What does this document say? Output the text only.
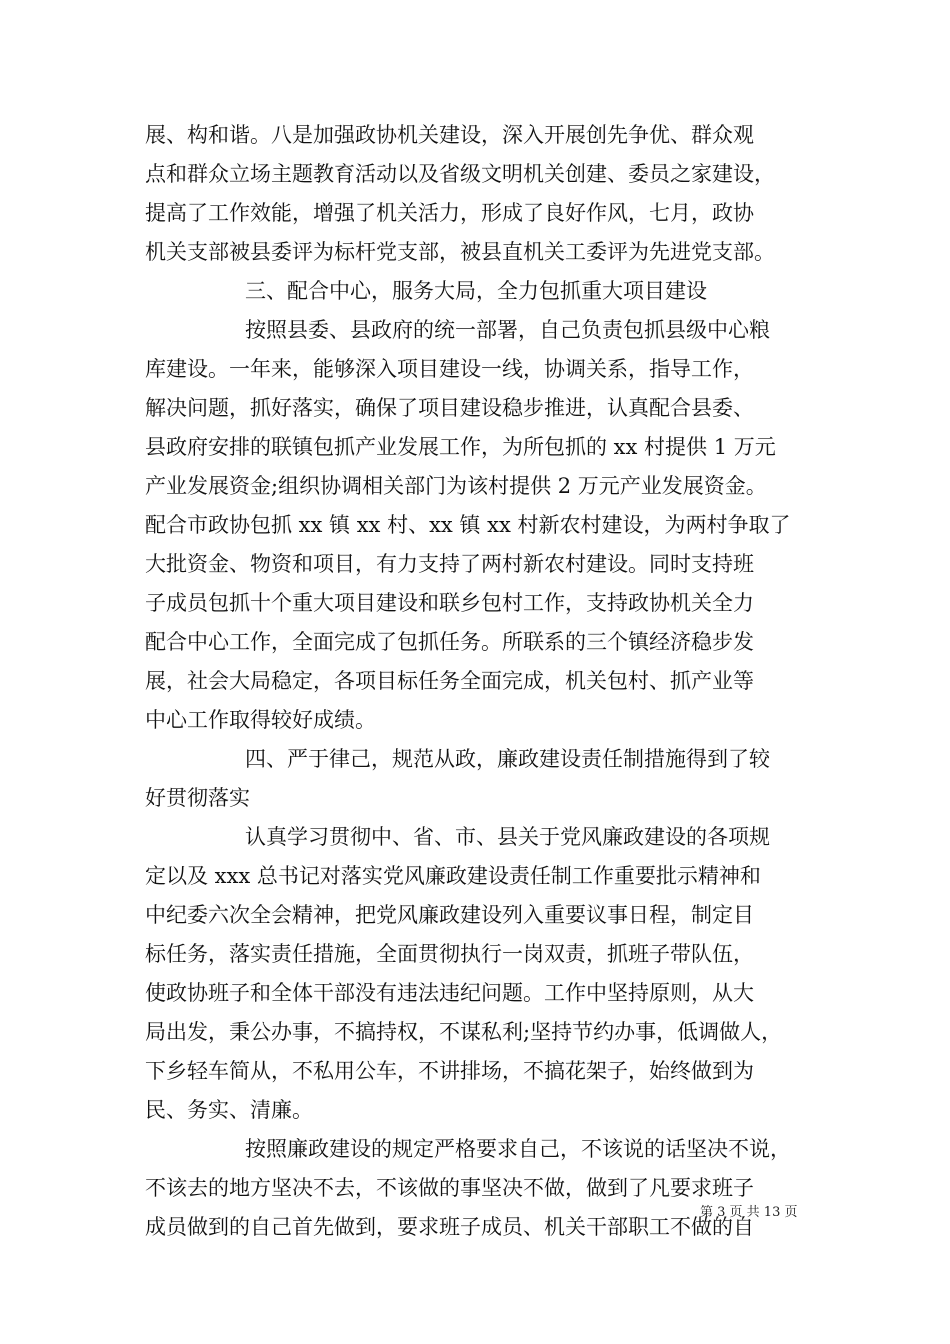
展、构和谐。八是加强政协机关建设，深入开展创先争优、群众观
点和群众立场主题教育活动以及省级文明机关创建、委员之家建设，
提高了工作效能，增强了机关活力，形成了良好作风，七月，政协
机关支部被县委评为标杆党支部，被县直机关工委评为先进党支部。
三、配合中心，服务大局，全力包抓重大项目建设
按照县委、县政府的统一部署，自己负责包抓县级中心粮
库建设。一年来，能够深入项目建设一线，协调关系，指导工作，
解决问题，抓好落实，确保了项目建设稳步推进，认真配合县委、
县政府安排的联镇包抓产业发展工作，为所包抓的 xx 村提供 1 万元
产业发展资金;组织协调相关部门为该村提供 2 万元产业发展资金。
配合市政协包抓 xx 镇 xx 村、xx 镇 xx 村新农村建设，为两村争取了
大批资金、物资和项目，有力支持了两村新农村建设。同时支持班
子成员包抓十个重大项目建设和联乡包村工作，支持政协机关全力
配合中心工作，全面完成了包抓任务。所联系的三个镇经济稳步发
展，社会大局稳定，各项目标任务全面完成，机关包村、抓产业等
中心工作取得较好成绩。
四、严于律己，规范从政，廉政建设责任制措施得到了较
好贯彻落实
认真学习贯彻中、省、市、县关于党风廉政建设的各项规
定以及 xxx 总书记对落实党风廉政建设责任制工作重要批示精神和
中纪委六次全会精神，把党风廉政建设列入重要议事日程，制定目
标任务，落实责任措施，全面贯彻执行一岗双责，抓班子带队伍，
使政协班子和全体干部没有违法违纪问题。工作中坚持原则，从大
局出发，秉公办事，不搞持权，不谋私利;坚持节约办事，低调做人，
下乡轻车简从，不私用公车，不讲排场，不搞花架子，始终做到为
民、务实、清廉。
按照廉政建设的规定严格要求自己，不该说的话坚决不说，
不该去的地方坚决不去，不该做的事坚决不做，做到了凡要求班子
成员做到的自己首先做到，要求班子成员、机关干部职工不做的自
第 3 页 共 13 页
